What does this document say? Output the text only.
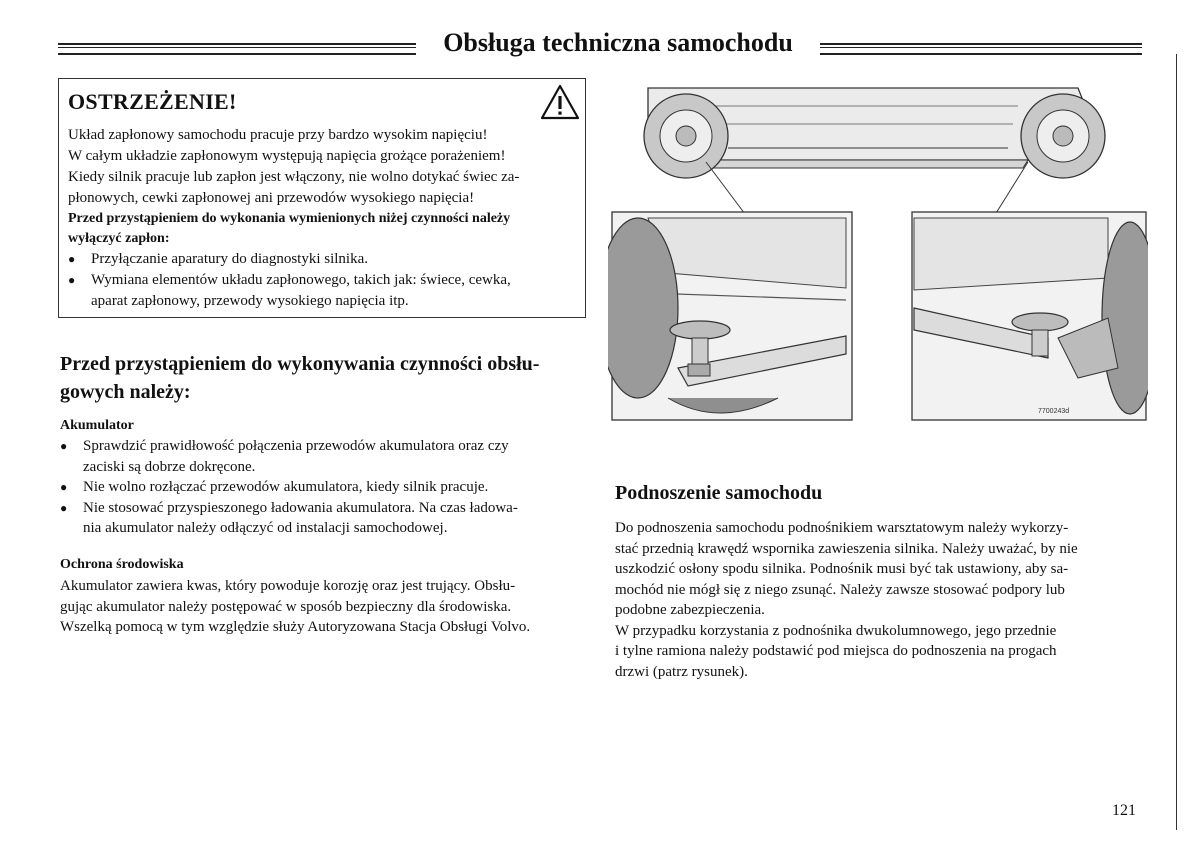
Obsługa techniczna samochodu
OSTRZEŻENIE!

Układ zapłonowy samochodu pracuje przy bardzo wysokim napięciu!

W całym układzie zapłonowym występują napięcia grożące porażeniem!

Kiedy silnik pracuje lub zapłon jest włączony, nie wolno dotykać świec za-

płonowych, cewki zapłonowej ani przewodów wysokiego napięcia!

Przed przystąpieniem do wykonania wymienionych niżej czynności należy

wyłączyć zapłon:

● Przyłączanie aparatury do diagnostyki silnika.
● Wymiana elementów układu zapłonowego, takich jak: świece, cewka,
aparat zapłonowy, przewody wysokiego napięcia itp.
Przed przystąpieniem do wykonywania czynności obsłu-
gowych należy:
Akumulator
● Sprawdzić prawidłowość połączenia przewodów akumulatora oraz czy
zaciski są dobrze dokręcone.
● Nie wolno rozłączać przewodów akumulatora, kiedy silnik pracuje.
● Nie stosować przyspieszonego ładowania akumulatora. Na czas ładowa-
nia akumulator należy odłączyć od instalacji samochodowej.
Ochrona środowiska
Akumulator zawiera kwas, który powoduje korozję oraz jest trujący. Obsłu-
gując akumulator należy postępować w sposób bezpieczny dla środowiska.
Wszelką pomocą w tym względzie służy Autoryzowana Stacja Obsługi Volvo.
7700243d
Podnoszenie samochodu
Do podnoszenia samochodu podnośnikiem warsztatowym należy wykorzy-
stać przednią krawędź wspornika zawieszenia silnika. Należy uważać, by nie
uszkodzić osłony spodu silnika. Podnośnik musi być tak ustawiony, aby sa-
mochód nie mógł się z niego zsunąć. Należy zawsze stosować podpory lub
podobne zabezpieczenia.
W przypadku korzystania z podnośnika dwukolumnowego, jego przednie
i tylne ramiona należy podstawić pod miejsca do podnoszenia na progach
drzwi (patrz rysunek).
121
